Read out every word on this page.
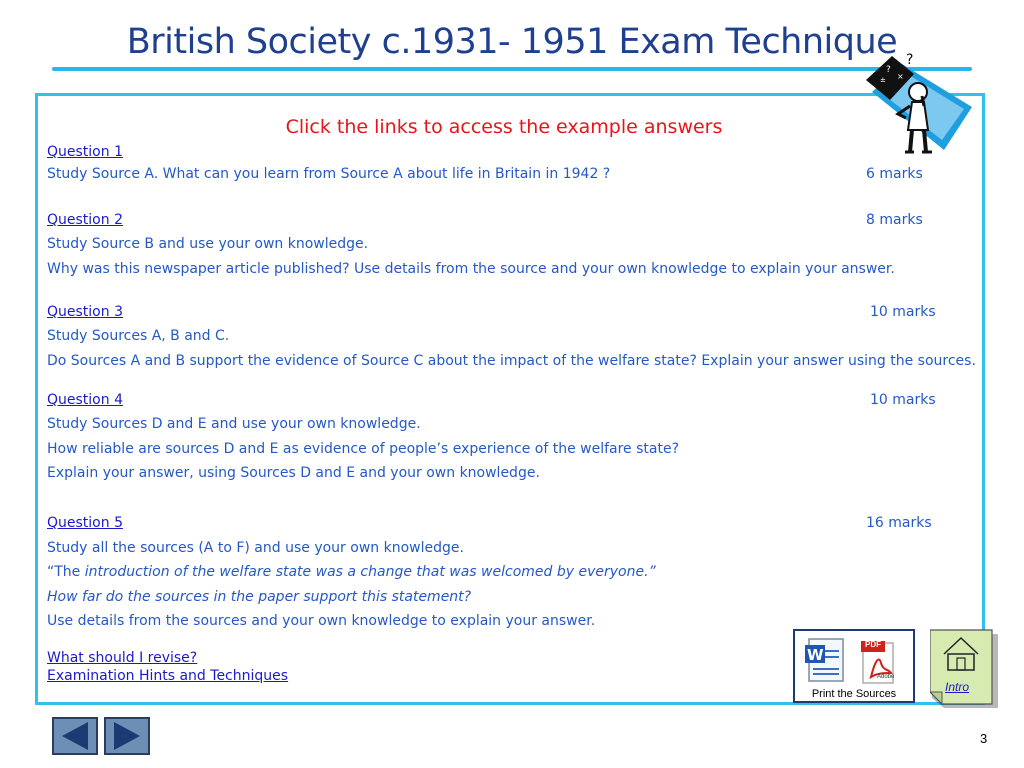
British Society c.1931- 1951 Exam Technique
?
×
±
?
Click the links to access the example answers
Question 1
Study Source A. What can you learn from Source A about life in Britain in 1942 ?	6 marks
Question 2	8 marks
Study Source B and use your own knowledge.
Why was this newspaper article published? Use details from the source and your own knowledge to explain your answer.
Question 3	10 marks
Study Sources A, B and C.
Do Sources A and B support the evidence of Source C about the impact of the welfare state? Explain your answer using the sources.
Question 4	10 marks
Study Sources D and E and use your own knowledge.
How reliable are sources D and E as evidence of people’s experience of the welfare state?
Explain your answer, using Sources D and E and your own knowledge.
Question 5	16 marks
Study all the sources (A to F) and use your own knowledge.
“The introduction of the welfare state was a change that was welcomed by everyone.”
How far do the sources in the paper support this statement?
Use details from the sources and your own knowledge to explain your answer.
What should I revise?
Examination Hints and Techniques
W
PDF
Adobe
Print the Sources	Intro
3
